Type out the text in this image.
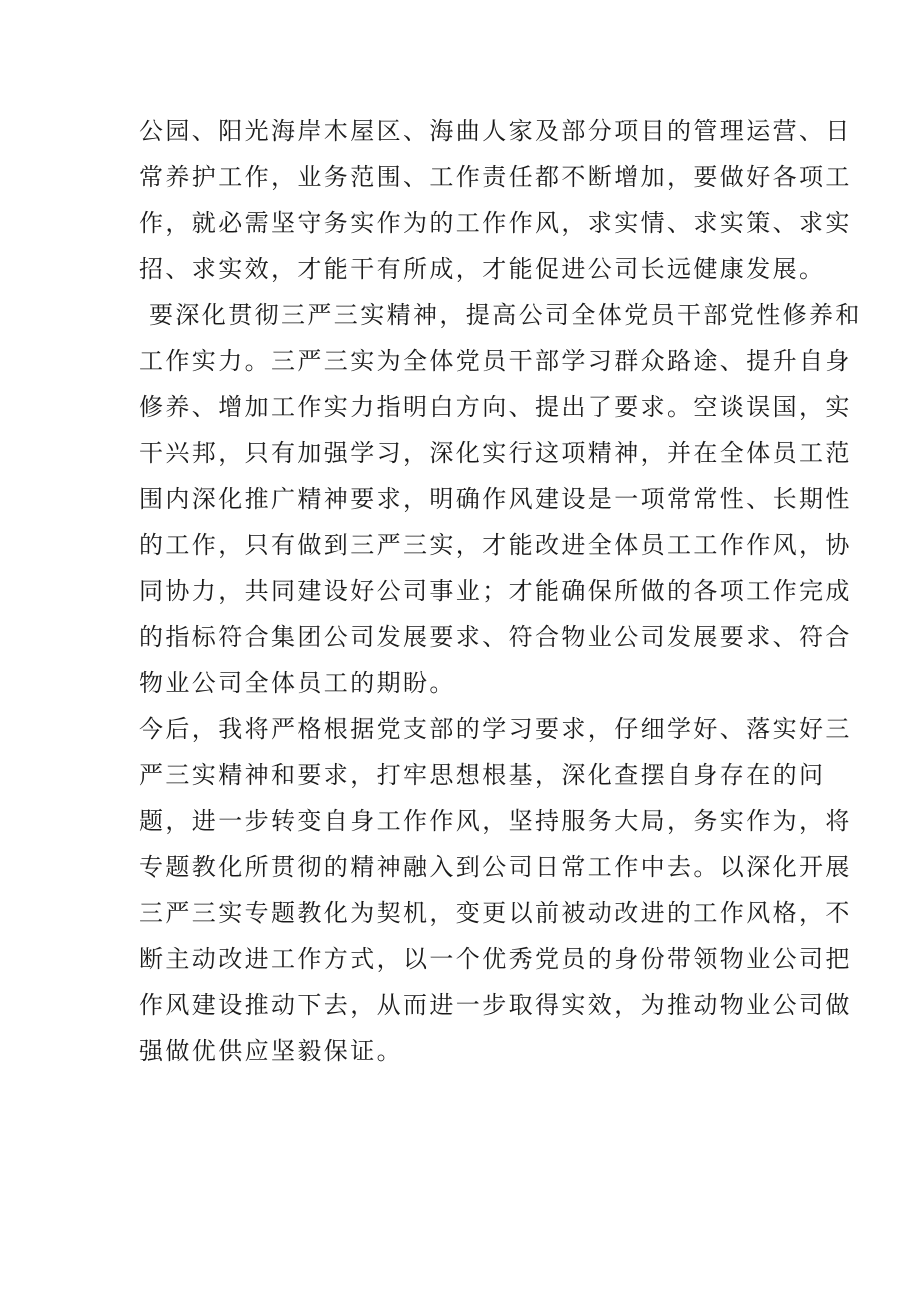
公园、阳光海岸木屋区、海曲人家及部分项目的管理运营、日
常养护工作，业务范围、工作责任都不断增加，要做好各项工
作，就必需坚守务实作为的工作作风，求实情、求实策、求实
招、求实效，才能干有所成，才能促进公司长远健康发展。
要深化贯彻三严三实精神，提高公司全体党员干部党性修养和
工作实力。三严三实为全体党员干部学习群众路途、提升自身
修养、增加工作实力指明白方向、提出了要求。空谈误国，实
干兴邦，只有加强学习，深化实行这项精神，并在全体员工范
围内深化推广精神要求，明确作风建设是一项常常性、长期性
的工作，只有做到三严三实，才能改进全体员工工作作风，协
同协力，共同建设好公司事业；才能确保所做的各项工作完成
的指标符合集团公司发展要求、符合物业公司发展要求、符合
物业公司全体员工的期盼。
今后，我将严格根据党支部的学习要求，仔细学好、落实好三
严三实精神和要求，打牢思想根基，深化查摆自身存在的问
题，进一步转变自身工作作风，坚持服务大局，务实作为，将
专题教化所贯彻的精神融入到公司日常工作中去。以深化开展
三严三实专题教化为契机，变更以前被动改进的工作风格，不
断主动改进工作方式，以一个优秀党员的身份带领物业公司把
作风建设推动下去，从而进一步取得实效，为推动物业公司做
强做优供应坚毅保证。
